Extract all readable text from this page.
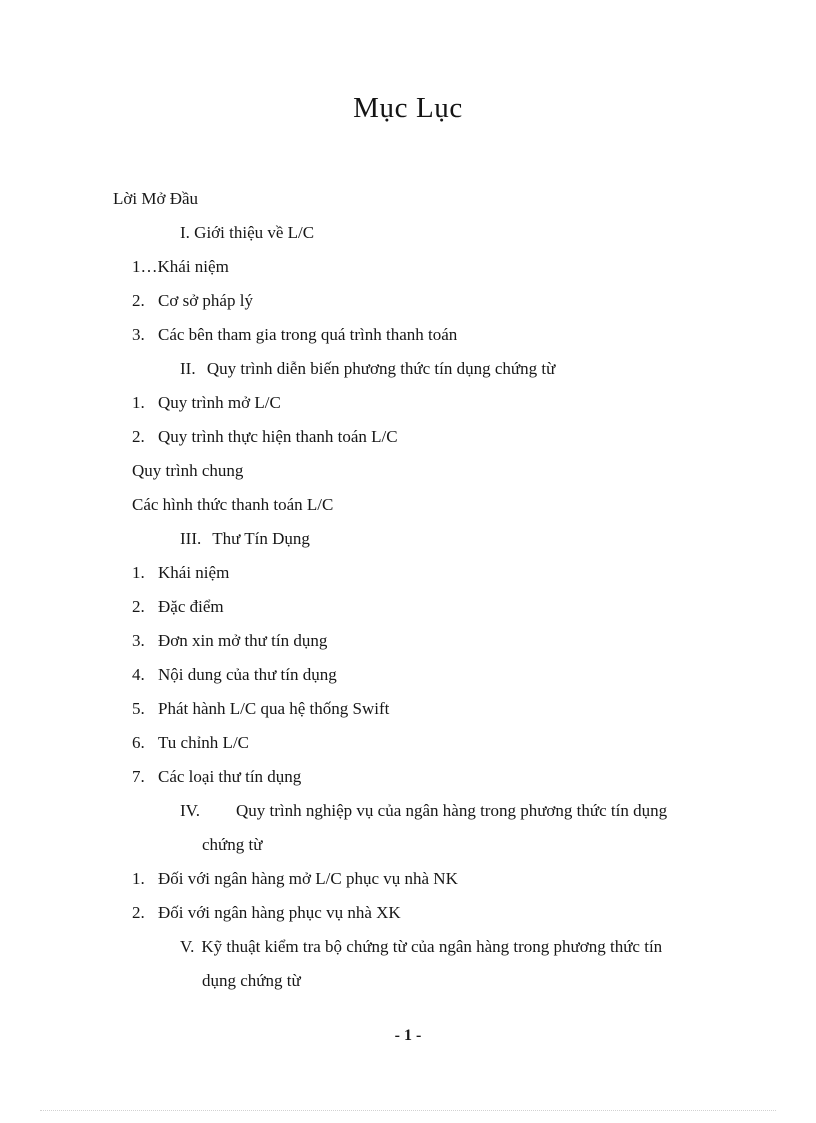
Mục Lục
Lời Mở Đầu
.....
I. Giới thiệu về L/C
.....
1… Khái niệm
2. Cơ sở pháp lý
3. Các bên tham gia trong quá trình thanh toán
II. Quy trình diễn biến phương thức tín dụng chứng từ
1. Quy trình mở L/C
2. Quy trình thực hiện thanh toán L/C
Quy trình chung
Các hình thức thanh toán L/C
III. Thư Tín Dụng
1. Khái niệm
2. Đặc điểm
3. Đơn xin mở thư tín dụng
4. Nội dung của thư tín dụng
5. Phát hành L/C qua hệ thống Swift
6. Tu chỉnh L/C
7. Các loại thư tín dụng
IV. Quy trình nghiệp vụ của ngân hàng trong phương thức tín dụng
chứng từ
1. Đối với ngân hàng mở L/C phục vụ nhà NK
2. Đối với ngân hàng phục vụ nhà XK
V. Kỹ thuật kiểm tra bộ chứng từ của ngân hàng trong phương thức tín
dụng chứng từ
- 1 -
